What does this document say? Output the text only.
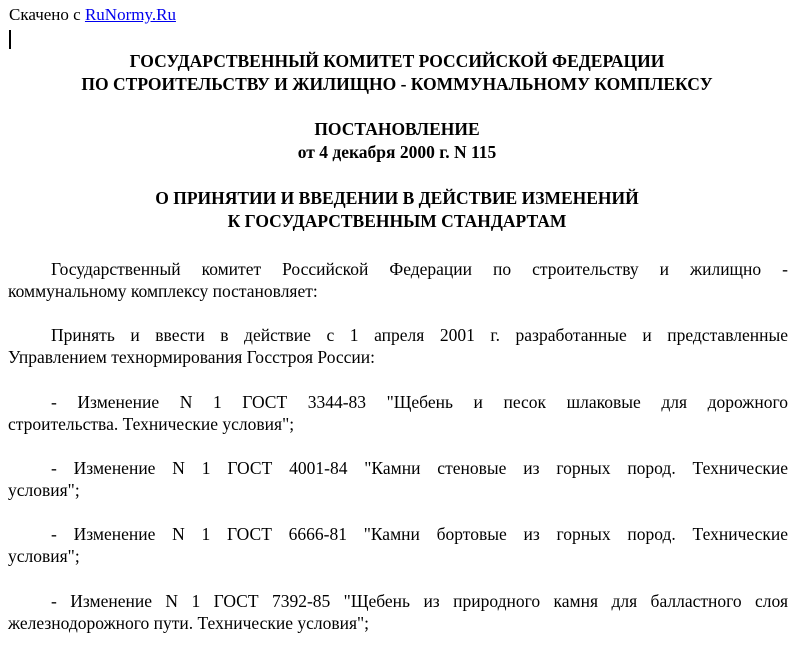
Скачено с RuNormy.Ru
ГОСУДАРСТВЕННЫЙ КОМИТЕТ РОССИЙСКОЙ ФЕДЕРАЦИИ
ПО СТРОИТЕЛЬСТВУ И ЖИЛИЩНО - КОММУНАЛЬНОМУ КОМПЛЕКСУ
ПОСТАНОВЛЕНИЕ
от 4 декабря 2000 г. N 115
О ПРИНЯТИИ И ВВЕДЕНИИ В ДЕЙСТВИЕ ИЗМЕНЕНИЙ
К ГОСУДАРСТВЕННЫМ СТАНДАРТАМ
Государственный комитет Российской Федерации по строительству и жилищно -
коммунальному комплексу постановляет:
Принять и ввести в действие с 1 апреля 2001 г. разработанные и представленные
Управлением технормирования Госстроя России:
- Изменение N 1 ГОСТ 3344-83 "Щебень и песок шлаковые для дорожного
строительства. Технические условия";
- Изменение N 1 ГОСТ 4001-84 "Камни стеновые из горных пород. Технические
условия";
- Изменение N 1 ГОСТ 6666-81 "Камни бортовые из горных пород. Технические
условия";
- Изменение N 1 ГОСТ 7392-85 "Щебень из природного камня для балластного слоя
железнодорожного пути. Технические условия";
